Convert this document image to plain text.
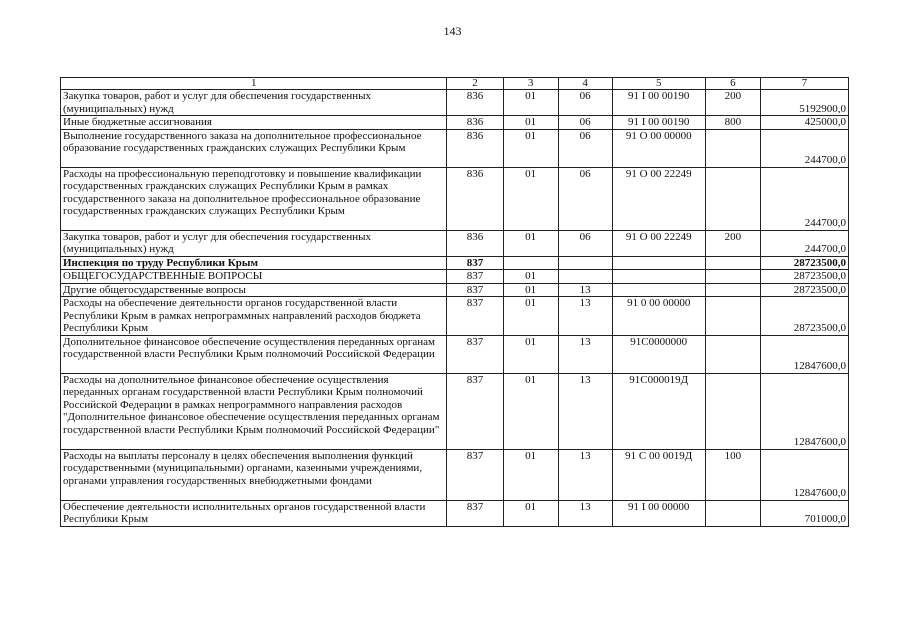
143
1	2	3	4	5	6	7
Закупка товаров, работ и услуг для обеспечения государственных (муниципальных) нужд	836	01	06	91 I 00 00190	200	5192900,0
Иные бюджетные ассигнования	836	01	06	91 I 00 00190	800	425000,0
Выполнение государственного заказа на дополнительное профессиональное образование государственных гражданских служащих Республики Крым	836	01	06	91 О 00 00000		244700,0
Расходы на профессиональную переподготовку и повышение квалификации государственных гражданских служащих Республики Крым в рамках государственного заказа на дополнительное профессиональное образование государственных гражданских служащих Республики Крым	836	01	06	91 О 00 22249		244700,0
Закупка товаров, работ и услуг для обеспечения государственных (муниципальных) нужд	836	01	06	91 О 00 22249	200	244700,0
Инспекция по труду Республики Крым	837					28723500,0
ОБЩЕГОСУДАРСТВЕННЫЕ ВОПРОСЫ	837	01				28723500,0
Другие общегосударственные вопросы	837	01	13			28723500,0
Расходы на обеспечение деятельности органов государственной власти Республики Крым в рамках непрограммных направлений расходов бюджета Республики Крым	837	01	13	91 0 00 00000		28723500,0
Дополнительное финансовое обеспечение осуществления переданных органам государственной власти Республики Крым полномочий Российской Федерации	837	01	13	91С0000000		12847600,0
Расходы на дополнительное финансовое обеспечение осуществления переданных органам государственной власти Республики Крым полномочий Российской Федерации в рамках непрограммного направления расходов "Дополнительное финансовое обеспечение осуществления переданных органам государственной власти Республики Крым полномочий Российской Федерации"	837	01	13	91С000019Д		12847600,0
Расходы на выплаты персоналу в целях обеспечения выполнения функций государственными (муниципальными) органами, казенными учреждениями, органами управления государственных внебюджетными фондами	837	01	13	91 С 00 0019Д	100	12847600,0
Обеспечение деятельности исполнительных органов государственной власти Республики Крым	837	01	13	91 I 00 00000		701000,0
